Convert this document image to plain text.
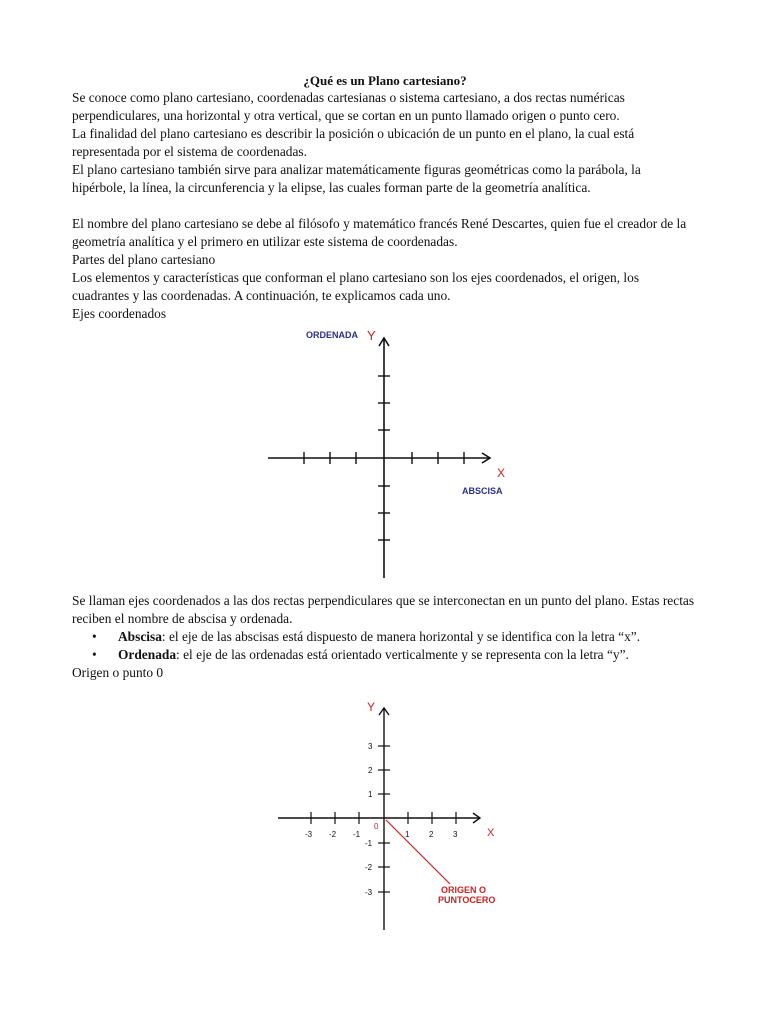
¿Qué es un Plano cartesiano?

Se conoce como plano cartesiano, coordenadas cartesianas o sistema cartesiano, a dos rectas numéricas perpendiculares, una horizontal y otra vertical, que se cortan en un punto llamado origen o punto cero.

La finalidad del plano cartesiano es describir la posición o ubicación de un punto en el plano, la cual está representada por el sistema de coordenadas.

El plano cartesiano también sirve para analizar matemáticamente figuras geométricas como la parábola, la hipérbole, la línea, la circunferencia y la elipse, las cuales forman parte de la geometría analítica.

El nombre del plano cartesiano se debe al filósofo y matemático francés René Descartes, quien fue el creador de la geometría analítica y el primero en utilizar este sistema de coordenadas.

Partes del plano cartesiano

Los elementos y características que conforman el plano cartesiano son los ejes coordenados, el origen, los cuadrantes y las coordenadas. A continuación, te explicamos cada uno.

Ejes coordenados

ORDENADA Y
X
ABSCISA

Se llaman ejes coordenados a las dos rectas perpendiculares que se interconectan en un punto del plano. Estas rectas reciben el nombre de abscisa y ordenada.

• Abscisa: el eje de las abscisas está dispuesto de manera horizontal y se identifica con la letra “x”.
• Ordenada: el eje de las ordenadas está orientado verticalmente y se representa con la letra “y”.

Origen o punto 0

Y
-3 -2 -1	1 2 3
3
2
1
-1
-2
-3
0
X
ORIGEN O
PUNTOCERO
